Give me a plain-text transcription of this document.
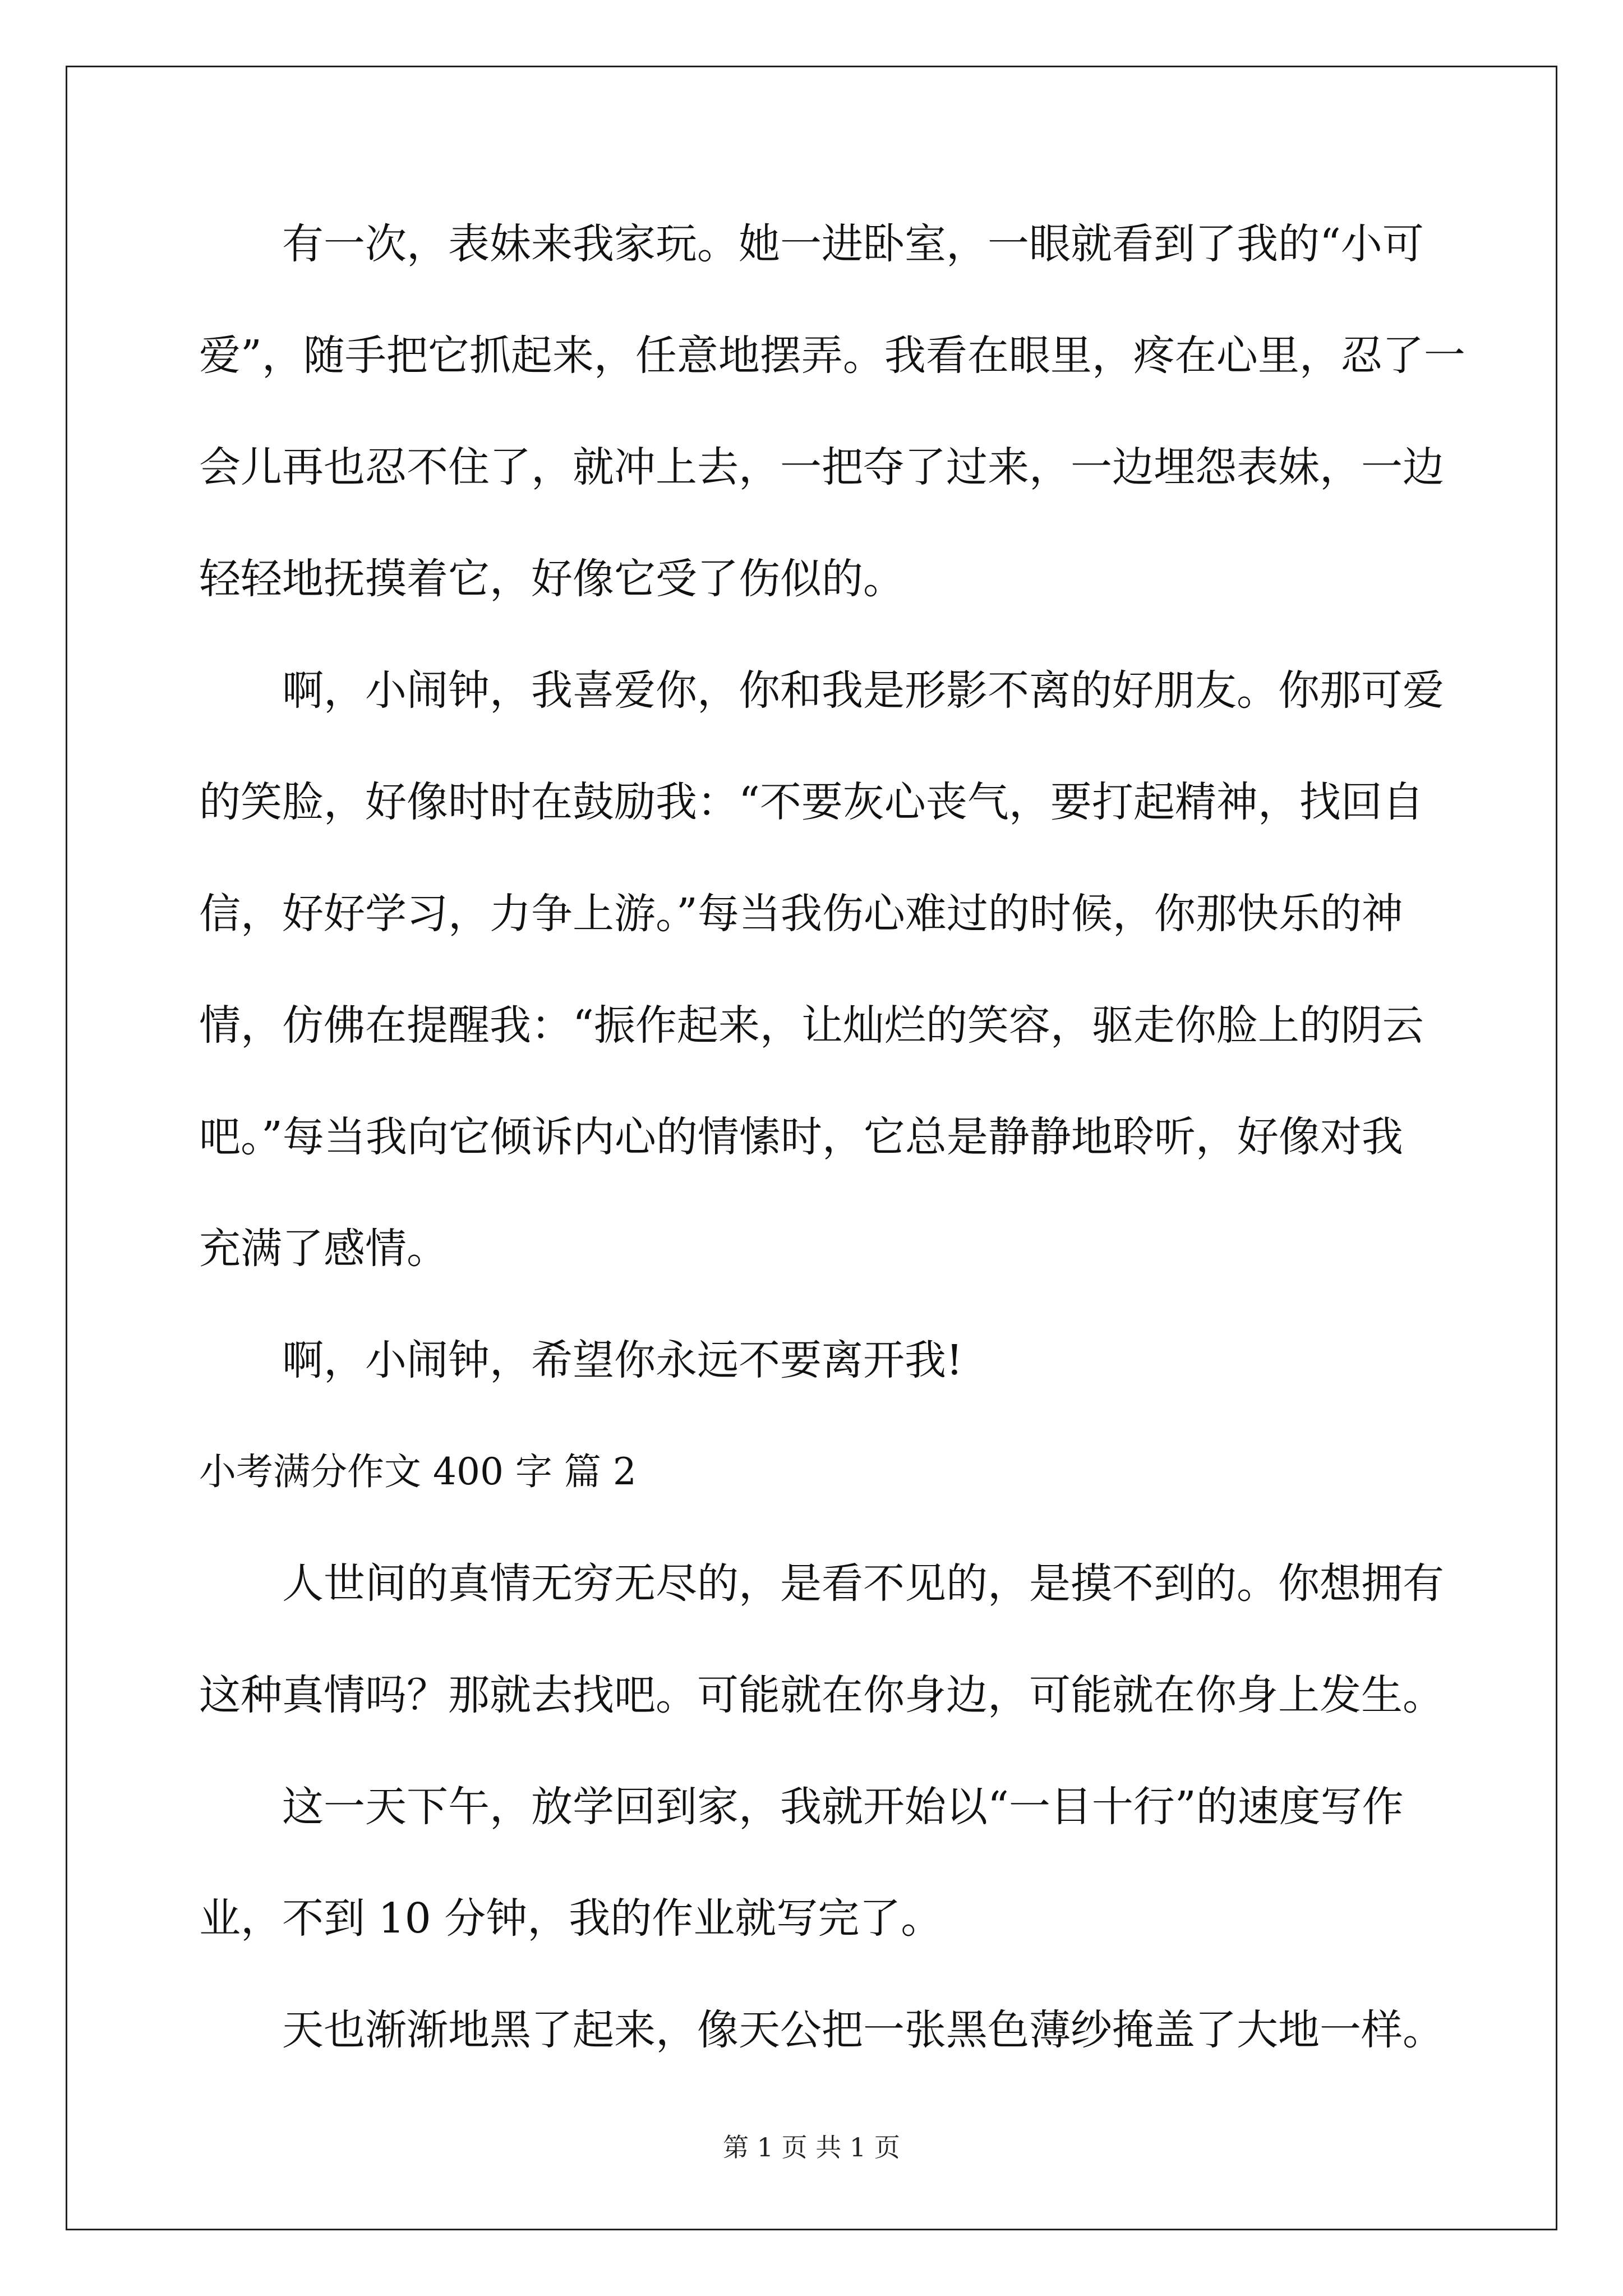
有一次，表妹来我家玩。她一进卧室，一眼就看到了我的“小可
爱”，随手把它抓起来，任意地摆弄。我看在眼里，疼在心里，忍了一
会儿再也忍不住了，就冲上去，一把夺了过来，一边埋怨表妹，一边
轻轻地抚摸着它，好像它受了伤似的。
啊，小闹钟，我喜爱你，你和我是形影不离的好朋友。你那可爱
的笑脸，好像时时在鼓励我：“不要灰心丧气，要打起精神，找回自
信，好好学习，力争上游。”每当我伤心难过的时候，你那快乐的神
情，仿佛在提醒我：“振作起来，让灿烂的笑容，驱走你脸上的阴云
吧。”每当我向它倾诉内心的情愫时，它总是静静地聆听，好像对我
充满了感情。
啊，小闹钟，希望你永远不要离开我!
小考满分作文 400 字 篇 2
人世间的真情无穷无尽的，是看不见的，是摸不到的。你想拥有
这种真情吗？那就去找吧。可能就在你身边，可能就在你身上发生。
这一天下午，放学回到家，我就开始以“一目十行”的速度写作
业，不到 10 分钟，我的作业就写完了。
天也渐渐地黑了起来，像天公把一张黑色薄纱掩盖了大地一样。
第 1 页 共 1 页
